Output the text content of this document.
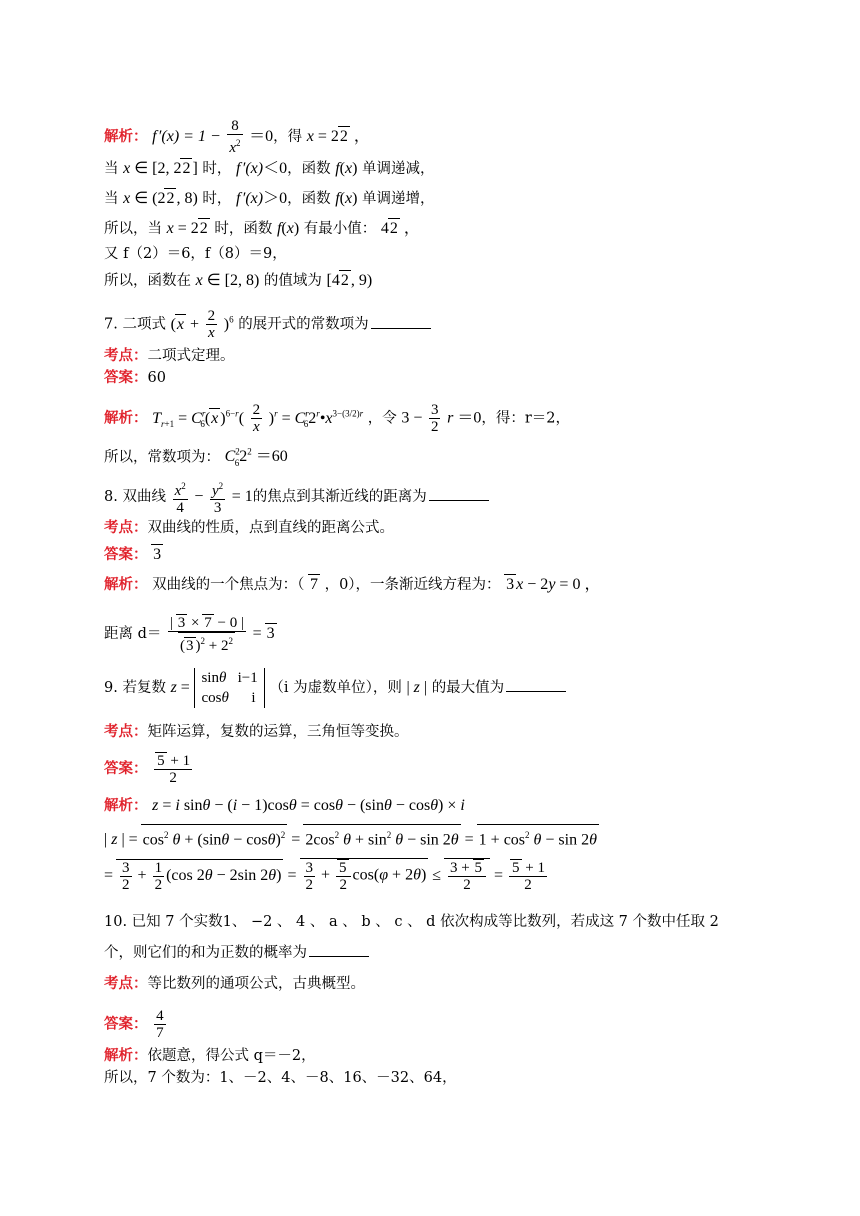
解析： f $'(x) = 1 - \frac{8}{x^2} =0$，得 x = 22 ，
当 x ∈ [2, 22 ] 时， f ′(x)＜0，函数 f(x) 单调递减，
当 x ∈ (22 , 8) 时， f ′(x)＞0，函数 f(x) 单调递增，
所以，当 x = 22 时，函数 f(x) 有最小值： 42 ，
又 f（2）＝6，f（8）＝9，
所以，函数在 x ∈ [2, 8) 的值域为 [42 , 9)
7. 二项式 $(x + \frac{2}{x} )^6$ 的展开式的常数项为
考点：二项式定理。
答案：60
解析： $T_{r+1} = C^r_6(x$ )$^{6-r}( \frac{2}{x} )^r$ = $C^r_62^r•x^{3-(3/2)r}$ ，令 $3 - \frac{3}{2}$ r ＝0，得：r＝2，
所以，常数项为： $C^2_62^2 =60$
8. 双曲线 $\frac{x^2}{4} - \frac{y^2}{3} = 1$的焦点到其渐近线的距离为
考点：双曲线的性质，点到直线的距离公式。
答案： 3
解析： 双曲线的一个焦点为：（ 7 ，0），一条渐近线方程为： 3 x − 2y = 0 ，
距离 $d= \frac{| 3 \times 7 - 0 |}{(3 )^2 + 2^2} = 3$
9. 若复数 z = sinθ   i−1
cosθ      i （i 为虚数单位），则 | z | 的最大值为
考点：矩阵运算，复数的运算，三角恒等变换。
答案： $\frac{5 + 1}{2}$
解析： z = i sinθ − (i − 1)cosθ = cosθ − (sinθ − cosθ) × i
| z | = $\cos^2 \theta + (\sin\theta - \cos\theta)^2 = 2\cos^2$ $\theta + \sin^2 \theta - \sin 2\theta = 1 + \cos^2 \theta - \sin 2\theta$
= $\frac{3}{2} + \frac{1}{2} (\cos$ 2θ − 2sin $2\theta) = \frac{3}{2} + \frac{5}{2} \cos(\varphi + 2\theta) \le \frac{3 + 5}{2} = \frac{5 + 1}{2}$
10. 已知 7 个实数1、 −2 、 4 、 a 、 b 、 c 、 d 依次构成等比数列，若成这 7 个数中任取 2
个，则它们的和为正数的概率为
考点：等比数列的通项公式，古典概型。
答案： $\frac{4}{7}$
解析：依题意，得公式 q＝－2，
所以，7 个数为：1、－2、4、－8、16、－32、64，
